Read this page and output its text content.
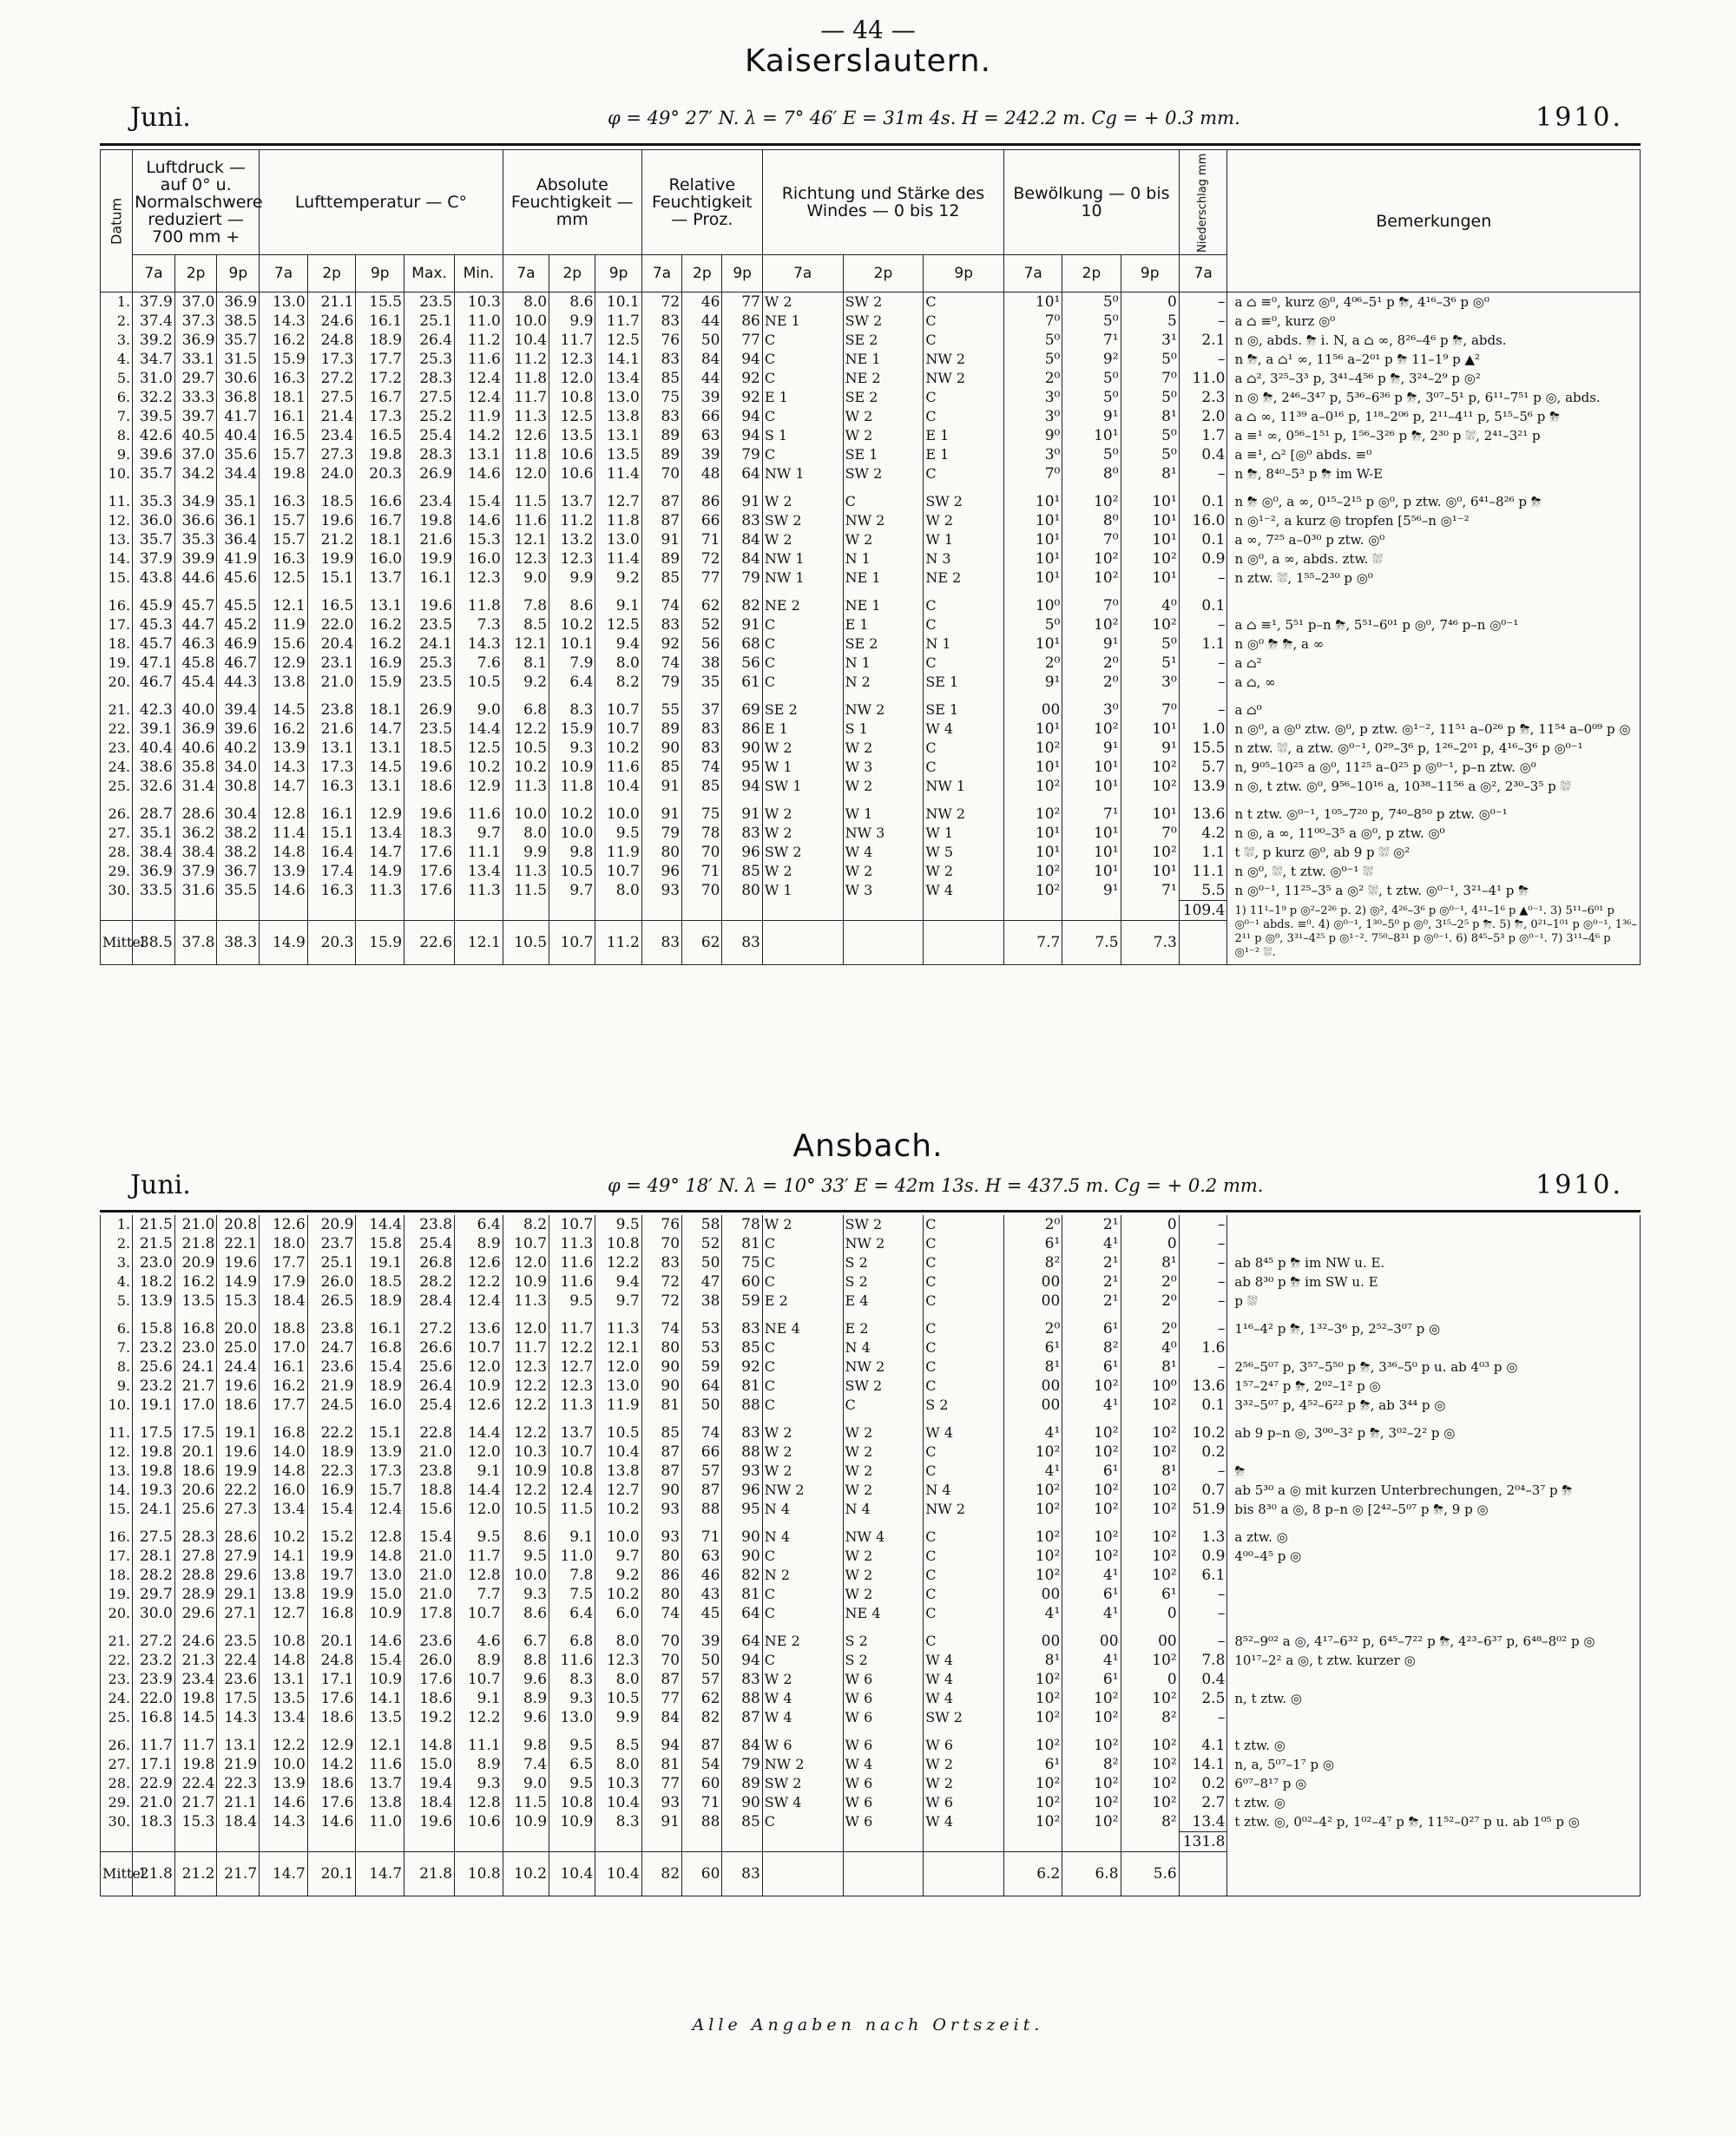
— 44 —
Kaiserslautern.
Juni.	φ = 49° 27′ N. λ = 7° 46′ E = 31m 4s. H = 242.2 m. Cg = + 0.3 mm.	1910.
Datum	Luftdruck — auf 0° u. Normalschwere reduziert — 700 mm +			Lufttemperatur — C°					Absolute Feuchtigkeit — mm			Relative Feuchtigkeit — Proz.			Richtung und Stärke des Windes — 0 bis 12			Bewölkung — 0 bis 10			Niederschlag mm	Bemerkungen
	7a	2p	9p	7a	2p	9p	Max.	Min.	7a	2p	9p	7a	2p	9p	7a	2p	9p	7a	2p	9p	7a	
1.	37.9	37.0	36.9	13.0	21.1	15.5	23.5	10.3	8.0	8.6	10.1	72	46	77	W 2	SW 2	C	10¹	5⁰	0	–	a ⌂ ≡⁰, kurz ◎⁰, 4⁰⁶–5¹ p ⛈, 4¹⁶–3⁶ p ◎⁰
2.	37.4	37.3	38.5	14.3	24.6	16.1	25.1	11.0	10.0	9.9	11.7	83	44	86	NE 1	SW 2	C	7⁰	5⁰	5	–	a ⌂ ≡⁰, kurz ◎⁰
3.	39.2	36.9	35.7	16.2	24.8	18.9	26.4	11.2	10.4	11.7	12.5	76	50	77	C	SE 2	C	5⁰	7¹	3¹	2.1	n ◎, abds. ⛈ i. N, a ⌂ ∞, 8²⁶–4⁶ p ⛈, abds.
4.	34.7	33.1	31.5	15.9	17.3	17.7	25.3	11.6	11.2	12.3	14.1	83	84	94	C	NE 1	NW 2	5⁰	9²	5⁰	–	n ⛈, a ⌂¹ ∞, 11⁵⁶ a–2⁰¹ p ⛈ 11–1⁹ p ▲²
5.	31.0	29.7	30.6	16.3	27.2	17.2	28.3	12.4	11.8	12.0	13.4	85	44	92	C	NE 2	NW 2	2⁰	5⁰	7⁰	11.0	a ⌂², 3²⁵–3³ p, 3⁴¹–4⁵⁶ p ⛈, 3²⁴–2⁹ p ◎²
6.	32.2	33.3	36.8	18.1	27.5	16.7	27.5	12.4	11.7	10.8	13.0	75	39	92	E 1	SE 2	C	3⁰	5⁰	5⁰	2.3	n ◎ ⛈, 2⁴⁶–3⁴⁷ p, 5³⁶–6³⁶ p ⛈, 3⁰⁷–5¹ p, 6¹¹–7⁵¹ p ◎, abds.
7.	39.5	39.7	41.7	16.1	21.4	17.3	25.2	11.9	11.3	12.5	13.8	83	66	94	C	W 2	C	3⁰	9¹	8¹	2.0	a ⌂ ∞, 11³⁹ a–0¹⁶ p, 1¹⁸–2⁰⁶ p, 2¹¹–4¹¹ p, 5¹⁵–5⁶ p ⛈
8.	42.6	40.5	40.4	16.5	23.4	16.5	25.4	14.2	12.6	13.5	13.1	89	63	94	S 1	W 2	E 1	9⁰	10¹	5⁰	1.7	a ≡¹ ∞, 0⁵⁶–1⁵¹ p, 1⁵⁶–3²⁶ p ⛈, 2³⁰ p ⛆, 2⁴¹–3²¹ p
9.	39.6	37.0	35.6	15.7	27.3	19.8	28.3	13.1	11.8	10.6	13.5	89	39	79	C	SE 1	E 1	3⁰	5⁰	5⁰	0.4	a ≡¹, ⌂² [◎⁰ abds. ≡⁰
10.	35.7	34.2	34.4	19.8	24.0	20.3	26.9	14.6	12.0	10.6	11.4	70	48	64	NW 1	SW 2	C	7⁰	8⁰	8¹	–	n ⛈, 8⁴⁰–5³ p ⛈ im W-E

11.	35.3	34.9	35.1	16.3	18.5	16.6	23.4	15.4	11.5	13.7	12.7	87	86	91	W 2	C	SW 2	10¹	10²	10¹	0.1	n ⛈ ◎⁰, a ∞, 0¹⁵–2¹⁵ p ◎⁰, p ztw. ◎⁰, 6⁴¹–8²⁶ p ⛈
12.	36.0	36.6	36.1	15.7	19.6	16.7	19.8	14.6	11.6	11.2	11.8	87	66	83	SW 2	NW 2	W 2	10¹	8⁰	10¹	16.0	n ◎¹⁻², a kurz ◎ tropfen [5⁵⁶–n ◎¹⁻²
13.	35.7	35.3	36.4	15.7	21.2	18.1	21.6	15.3	12.1	13.2	13.0	91	71	84	W 2	W 2	W 1	10¹	7⁰	10¹	0.1	a ∞, 7²⁵ a–0³⁰ p ztw. ◎⁰
14.	37.9	39.9	41.9	16.3	19.9	16.0	19.9	16.0	12.3	12.3	11.4	89	72	84	NW 1	N 1	N 3	10¹	10²	10²	0.9	n ◎⁰, a ∞, abds. ztw. ⛆
15.	43.8	44.6	45.6	12.5	15.1	13.7	16.1	12.3	9.0	9.9	9.2	85	77	79	NW 1	NE 1	NE 2	10¹	10²	10¹	–	n ztw. ⛆, 1⁵⁵–2³⁰ p ◎⁰

16.	45.9	45.7	45.5	12.1	16.5	13.1	19.6	11.8	7.8	8.6	9.1	74	62	82	NE 2	NE 1	C	10⁰	7⁰	4⁰	0.1	
17.	45.3	44.7	45.2	11.9	22.0	16.2	23.5	7.3	8.5	10.2	12.5	83	52	91	C	E 1	C	5⁰	10²	10²	–	a ⌂ ≡¹, 5⁵¹ p–n ⛈, 5⁵¹–6⁰¹ p ◎⁰, 7⁴⁶ p–n ◎⁰⁻¹
18.	45.7	46.3	46.9	15.6	20.4	16.2	24.1	14.3	12.1	10.1	9.4	92	56	68	C	SE 2	N 1	10¹	9¹	5⁰	1.1	n ◎⁰ ⛈ ⛈, a ∞
19.	47.1	45.8	46.7	12.9	23.1	16.9	25.3	7.6	8.1	7.9	8.0	74	38	56	C	N 1	C	2⁰	2⁰	5¹	–	a ⌂²
20.	46.7	45.4	44.3	13.8	21.0	15.9	23.5	10.5	9.2	6.4	8.2	79	35	61	C	N 2	SE 1	9¹	2⁰	3⁰	–	a ⌂, ∞

21.	42.3	40.0	39.4	14.5	23.8	18.1	26.9	9.0	6.8	8.3	10.7	55	37	69	SE 2	NW 2	SE 1	00	3⁰	7⁰	–	a ⌂⁰
22.	39.1	36.9	39.6	16.2	21.6	14.7	23.5	14.4	12.2	15.9	10.7	89	83	86	E 1	S 1	W 4	10¹	10²	10¹	1.0	n ◎⁰, a ◎⁰ ztw. ◎⁰, p ztw. ◎¹⁻², 11⁵¹ a–0²⁶ p ⛈, 11⁵⁴ a–0⁰⁹ p ◎
23.	40.4	40.6	40.2	13.9	13.1	13.1	18.5	12.5	10.5	9.3	10.2	90	83	90	W 2	W 2	C	10²	9¹	9¹	15.5	n ztw. ⛆, a ztw. ◎⁰⁻¹, 0²⁹–3⁶ p, 1²⁶–2⁰¹ p, 4¹⁶–3⁶ p ◎⁰⁻¹
24.	38.6	35.8	34.0	14.3	17.3	14.5	19.6	10.2	10.2	10.9	11.6	85	74	95	W 1	W 3	C	10¹	10¹	10²	5.7	n, 9⁰⁵–10²⁵ a ◎⁰, 11²⁵ a–0²⁵ p ◎⁰⁻¹, p–n ztw. ◎⁰
25.	32.6	31.4	30.8	14.7	16.3	13.1	18.6	12.9	11.3	11.8	10.4	91	85	94	SW 1	W 2	NW 1	10²	10¹	10²	13.9	n ◎, t ztw. ◎⁰, 9⁵⁶–10¹⁶ a, 10³⁸–11⁵⁶ a ◎², 2³⁰–3⁵ p ⛆

26.	28.7	28.6	30.4	12.8	16.1	12.9	19.6	11.6	10.0	10.2	10.0	91	75	91	W 2	W 1	NW 2	10²	7¹	10¹	13.6	n t ztw. ◎⁰⁻¹, 1⁰⁵–7²⁰ p, 7⁴⁰–8⁵⁰ p ztw. ◎⁰⁻¹
27.	35.1	36.2	38.2	11.4	15.1	13.4	18.3	9.7	8.0	10.0	9.5	79	78	83	W 2	NW 3	W 1	10¹	10¹	7⁰	4.2	n ◎, a ∞, 11⁰⁰–3⁵ a ◎⁰, p ztw. ◎⁰
28.	38.4	38.4	38.2	14.8	16.4	14.7	17.6	11.1	9.9	9.8	11.9	80	70	96	SW 2	W 4	W 5	10¹	10¹	10²	1.1	t ⛆, p kurz ◎⁰, ab 9 p ⛆ ◎²
29.	36.9	37.9	36.7	13.9	17.4	14.9	17.6	13.4	11.3	10.5	10.7	96	71	85	W 2	W 2	W 2	10²	10¹	10¹	11.1	n ◎⁰, ⛆, t ztw. ◎⁰⁻¹ ⛆
30.	33.5	31.6	35.5	14.6	16.3	11.3	17.6	11.3	11.5	9.7	8.0	93	70	80	W 1	W 3	W 4	10²	9¹	7¹	5.5	n ◎⁰⁻¹, 11²⁵–3⁵ a ◎² ⛆, t ztw. ◎⁰⁻¹, 3²¹–4¹ p ⛈
																					109.4	1) 11¹–1⁹ p ◎²–2²⁶ p. 2) ◎², 4²⁶–3⁶ p ◎⁰⁻¹, 4¹¹–1⁶ p ▲⁰⁻¹. 3) 5¹¹–6⁰¹ p ◎⁰⁻¹ abds. ≡⁰. 4) ◎⁰⁻¹, 1³⁰–5⁰ p ◎⁰, 3¹⁵–2⁵ p ⛈. 5) ⛈, 0²¹–1⁰¹ p ◎⁰⁻¹, 1³⁶–2¹¹ p ◎⁰, 3³¹–4²⁵ p ◎¹⁻². 7⁵⁰–8³¹ p ◎⁰⁻¹. 6) 8⁴⁵–5³ p ◎⁰⁻¹. 7) 3¹¹–4⁶ p ◎¹⁻² ⛆.
Mittel	38.5	37.8	38.3	14.9	20.3	15.9	22.6	12.1	10.5	10.7	11.2	83	62	83				7.7	7.5	7.3		
Ansbach.
Juni.	φ = 49° 18′ N. λ = 10° 33′ E = 42m 13s. H = 437.5 m. Cg = + 0.2 mm.	1910.
1.	21.5	21.0	20.8	12.6	20.9	14.4	23.8	6.4	8.2	10.7	9.5	76	58	78	W 2	SW 2	C	2⁰	2¹	0	–	
2.	21.5	21.8	22.1	18.0	23.7	15.8	25.4	8.9	10.7	11.3	10.8	70	52	81	C	NW 2	C	6¹	4¹	0	–	
3.	23.0	20.9	19.6	17.7	25.1	19.1	26.8	12.6	12.0	11.6	12.2	83	50	75	C	S 2	C	8²	2¹	8¹	–	ab 8⁴⁵ p ⛈ im NW u. E.
4.	18.2	16.2	14.9	17.9	26.0	18.5	28.2	12.2	10.9	11.6	9.4	72	47	60	C	S 2	C	00	2¹	2⁰	–	ab 8³⁰ p ⛈ im SW u. E
5.	13.9	13.5	15.3	18.4	26.5	18.9	28.4	12.4	11.3	9.5	9.7	72	38	59	E 2	E 4	C	00	2¹	2⁰	–	p ⛆

6.	15.8	16.8	20.0	18.8	23.8	16.1	27.2	13.6	12.0	11.7	11.3	74	53	83	NE 4	E 2	C	2⁰	6¹	2⁰	–	1¹⁶–4² p ⛈, 1³²–3⁶ p, 2⁵²–3⁰⁷ p ◎
7.	23.2	23.0	25.0	17.0	24.7	16.8	26.6	10.7	11.7	12.2	12.1	80	53	85	C	N 4	C	6¹	8²	4⁰	1.6	
8.	25.6	24.1	24.4	16.1	23.6	15.4	25.6	12.0	12.3	12.7	12.0	90	59	92	C	NW 2	C	8¹	6¹	8¹	–	2⁵⁶–5⁰⁷ p, 3⁵⁷–5⁵⁰ p ⛈, 3³⁶–5⁰ p u. ab 4⁰³ p ◎
9.	23.2	21.7	19.6	16.2	21.9	18.9	26.4	10.9	12.2	12.3	13.0	90	64	81	C	SW 2	C	00	10²	10⁰	13.6	1⁵⁷–2⁴⁷ p ⛈, 2⁰²–1² p ◎
10.	19.1	17.0	18.6	17.7	24.5	16.0	25.4	12.6	12.2	11.3	11.9	81	50	88	C	C	S 2	00	4¹	10²	0.1	3³²–5⁰⁷ p, 4⁵²–6²² p ⛈, ab 3⁴⁴ p ◎

11.	17.5	17.5	19.1	16.8	22.2	15.1	22.8	14.4	12.2	13.7	10.5	85	74	83	W 2	W 2	W 4	4¹	10²	10²	10.2	ab 9 p–n ◎, 3⁰⁰–3² p ⛈, 3⁰²–2² p ◎
12.	19.8	20.1	19.6	14.0	18.9	13.9	21.0	12.0	10.3	10.7	10.4	87	66	88	W 2	W 2	C	10²	10²	10²	0.2	
13.	19.8	18.6	19.9	14.8	22.3	17.3	23.8	9.1	10.9	10.8	13.8	87	57	93	W 2	W 2	C	4¹	6¹	8¹	–	⛈
14.	19.3	20.6	22.2	16.0	16.9	15.7	18.8	14.4	12.2	12.4	12.7	90	87	96	NW 2	W 2	N 4	10²	10²	10²	0.7	ab 5³⁰ a ◎ mit kurzen Unterbrechungen, 2⁰⁴–3⁷ p ⛈
15.	24.1	25.6	27.3	13.4	15.4	12.4	15.6	12.0	10.5	11.5	10.2	93	88	95	N 4	N 4	NW 2	10²	10²	10²	51.9	bis 8³⁰ a ◎, 8 p–n ◎ [2⁴²–5⁰⁷ p ⛈, 9 p ◎

16.	27.5	28.3	28.6	10.2	15.2	12.8	15.4	9.5	8.6	9.1	10.0	93	71	90	N 4	NW 4	C	10²	10²	10²	1.3	a ztw. ◎
17.	28.1	27.8	27.9	14.1	19.9	14.8	21.0	11.7	9.5	11.0	9.7	80	63	90	C	W 2	C	10²	10²	10²	0.9	4⁰⁰–4⁵ p ◎
18.	28.2	28.8	29.6	13.8	19.7	13.0	21.0	12.8	10.0	7.8	9.2	86	46	82	N 2	W 2	C	10²	4¹	10²	6.1	
19.	29.7	28.9	29.1	13.8	19.9	15.0	21.0	7.7	9.3	7.5	10.2	80	43	81	C	W 2	C	00	6¹	6¹	–	
20.	30.0	29.6	27.1	12.7	16.8	10.9	17.8	10.7	8.6	6.4	6.0	74	45	64	C	NE 4	C	4¹	4¹	0	–	

21.	27.2	24.6	23.5	10.8	20.1	14.6	23.6	4.6	6.7	6.8	8.0	70	39	64	NE 2	S 2	C	00	00	00	–	8⁵²–9⁰² a ◎, 4¹⁷–6³² p, 6⁴⁵–7²² p ⛈, 4²³–6³⁷ p, 6⁴⁸–8⁰² p ◎
22.	23.2	21.3	22.4	14.8	24.8	15.4	26.0	8.9	8.8	11.6	12.3	70	50	94	C	S 2	W 4	8¹	4¹	10²	7.8	10¹⁷–2² a ◎, t ztw. kurzer ◎
23.	23.9	23.4	23.6	13.1	17.1	10.9	17.6	10.7	9.6	8.3	8.0	87	57	83	W 2	W 6	W 4	10²	6¹	0	0.4	
24.	22.0	19.8	17.5	13.5	17.6	14.1	18.6	9.1	8.9	9.3	10.5	77	62	88	W 4	W 6	W 4	10²	10²	10²	2.5	n, t ztw. ◎
25.	16.8	14.5	14.3	13.4	18.6	13.5	19.2	12.2	9.6	13.0	9.9	84	82	87	W 4	W 6	SW 2	10²	10²	8²	–	

26.	11.7	11.7	13.1	12.2	12.9	12.1	14.8	11.1	9.8	9.5	8.5	94	87	84	W 6	W 6	W 6	10²	10²	10²	4.1	t ztw. ◎
27.	17.1	19.8	21.9	10.0	14.2	11.6	15.0	8.9	7.4	6.5	8.0	81	54	79	NW 2	W 4	W 2	6¹	8²	10²	14.1	n, a, 5⁰⁷–1⁷ p ◎
28.	22.9	22.4	22.3	13.9	18.6	13.7	19.4	9.3	9.0	9.5	10.3	77	60	89	SW 2	W 6	W 2	10²	10²	10²	0.2	6⁰⁷–8¹⁷ p ◎
29.	21.0	21.7	21.1	14.6	17.6	13.8	18.4	12.8	11.5	10.8	10.4	93	71	90	SW 4	W 6	W 6	10²	10²	10²	2.7	t ztw. ◎
30.	18.3	15.3	18.4	14.3	14.6	11.0	19.6	10.6	10.9	10.9	8.3	91	88	85	C	W 6	W 4	10²	10²	8²	13.4	t ztw. ◎, 0⁰²–4² p, 1⁰²–4⁷ p ⛈, 11⁵²–0²⁷ p u. ab 1⁰⁵ p ◎
																					131.8	
Mittel	21.8	21.2	21.7	14.7	20.1	14.7	21.8	10.8	10.2	10.4	10.4	82	60	83				6.2	6.8	5.6		
Alle Angaben nach Ortszeit.
